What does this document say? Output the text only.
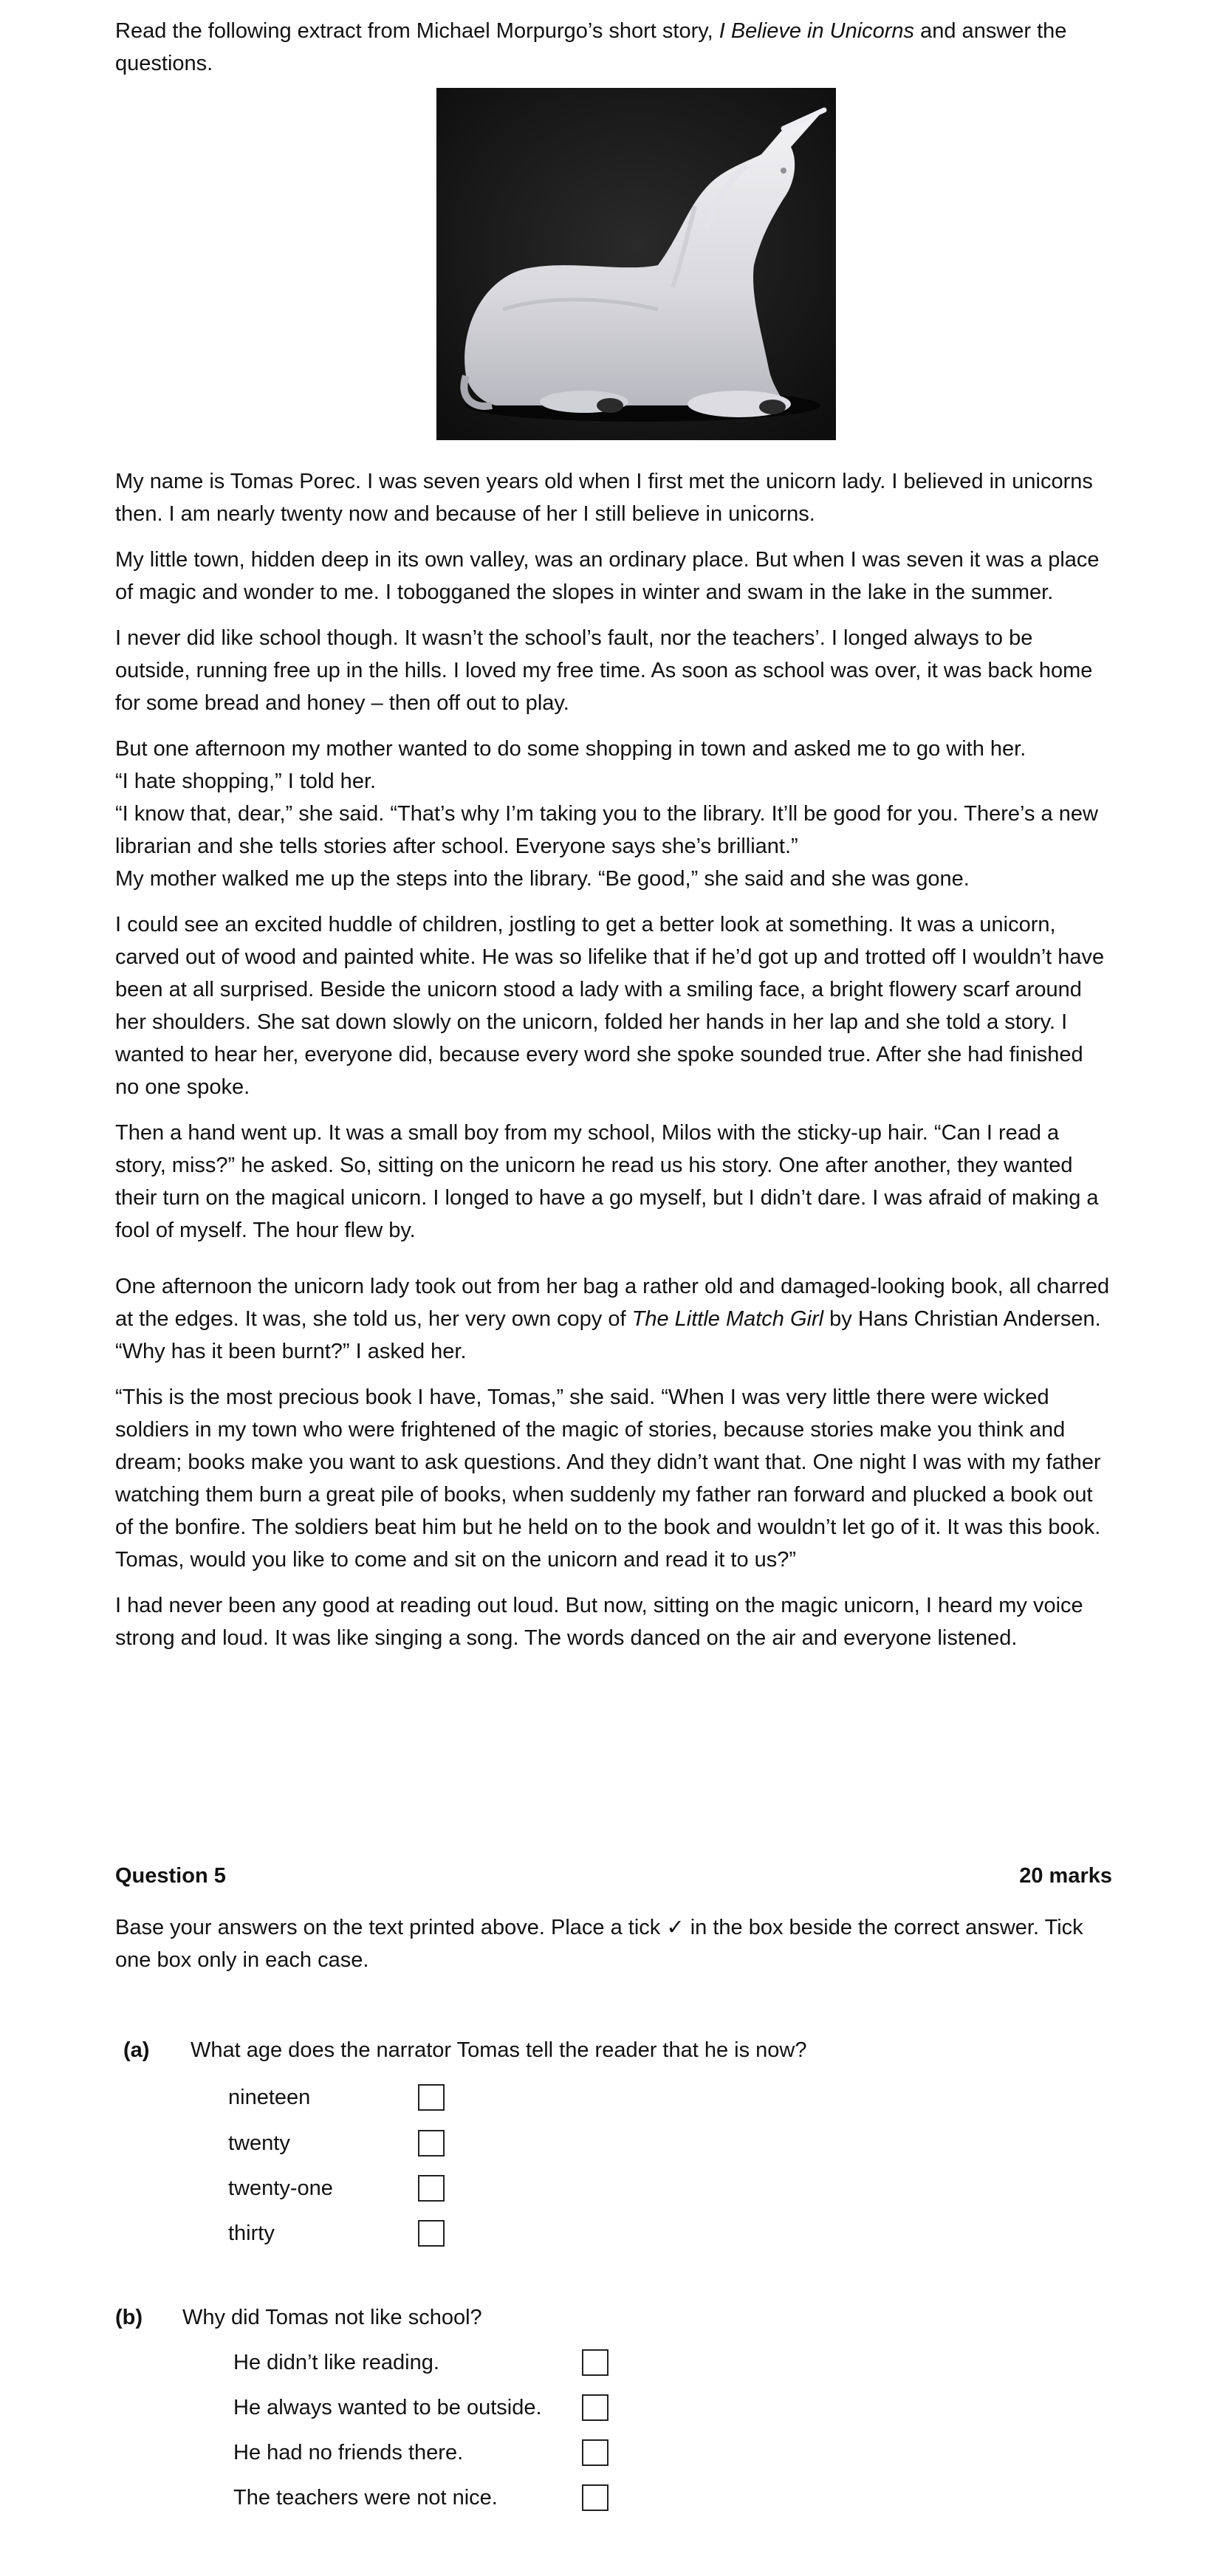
Read the following extract from Michael Morpurgo’s short story, I Believe in Unicorns and answer the questions.

My name is Tomas Porec. I was seven years old when I first met the unicorn lady. I believed in unicorns then. I am nearly twenty now and because of her I still believe in unicorns.

My little town, hidden deep in its own valley, was an ordinary place. But when I was seven it was a place of magic and wonder to me. I tobogganed the slopes in winter and swam in the lake in the summer.

I never did like school though. It wasn’t the school’s fault, nor the teachers’. I longed always to be outside, running free up in the hills. I loved my free time. As soon as school was over, it was back home for some bread and honey – then off out to play.

But one afternoon my mother wanted to do some shopping in town and asked me to go with her.

“I hate shopping,” I told her.

“I know that, dear,” she said. “That’s why I’m taking you to the library. It’ll be good for you. There’s a new librarian and she tells stories after school. Everyone says she’s brilliant.”

My mother walked me up the steps into the library. “Be good,” she said and she was gone.

I could see an excited huddle of children, jostling to get a better look at something. It was a unicorn, carved out of wood and painted white. He was so lifelike that if he’d got up and trotted off I wouldn’t have been at all surprised. Beside the unicorn stood a lady with a smiling face, a bright flowery scarf around her shoulders. She sat down slowly on the unicorn, folded her hands in her lap and she told a story. I wanted to hear her, everyone did, because every word she spoke sounded true. After she had finished no one spoke.

Then a hand went up. It was a small boy from my school, Milos with the sticky-up hair. “Can I read a story, miss?” he asked. So, sitting on the unicorn he read us his story. One after another, they wanted their turn on the magical unicorn. I longed to have a go myself, but I didn’t dare. I was afraid of making a fool of myself. The hour flew by.

One afternoon the unicorn lady took out from her bag a rather old and damaged-looking book, all charred at the edges. It was, she told us, her very own copy of The Little Match Girl by Hans Christian Andersen. “Why has it been burnt?” I asked her.

“This is the most precious book I have, Tomas,” she said. “When I was very little there were wicked soldiers in my town who were frightened of the magic of stories, because stories make you think and dream; books make you want to ask questions. And they didn’t want that. One night I was with my father watching them burn a great pile of books, when suddenly my father ran forward and plucked a book out of the bonfire. The soldiers beat him but he held on to the book and wouldn’t let go of it. It was this book. Tomas, would you like to come and sit on the unicorn and read it to us?”

I had never been any good at reading out loud. But now, sitting on the magic unicorn, I heard my voice strong and loud. It was like singing a song. The words danced on the air and everyone listened.

Question 5	20 marks

Base your answers on the text printed above. Place a tick ✓ in the box beside the correct answer. Tick one box only in each case.

(a) What age does the narrator Tomas tell the reader that he is now?
nineteen
twenty
twenty-one
thirty
(b) Why did Tomas not like school?
He didn’t like reading.
He always wanted to be outside.
He had no friends there.
The teachers were not nice.
